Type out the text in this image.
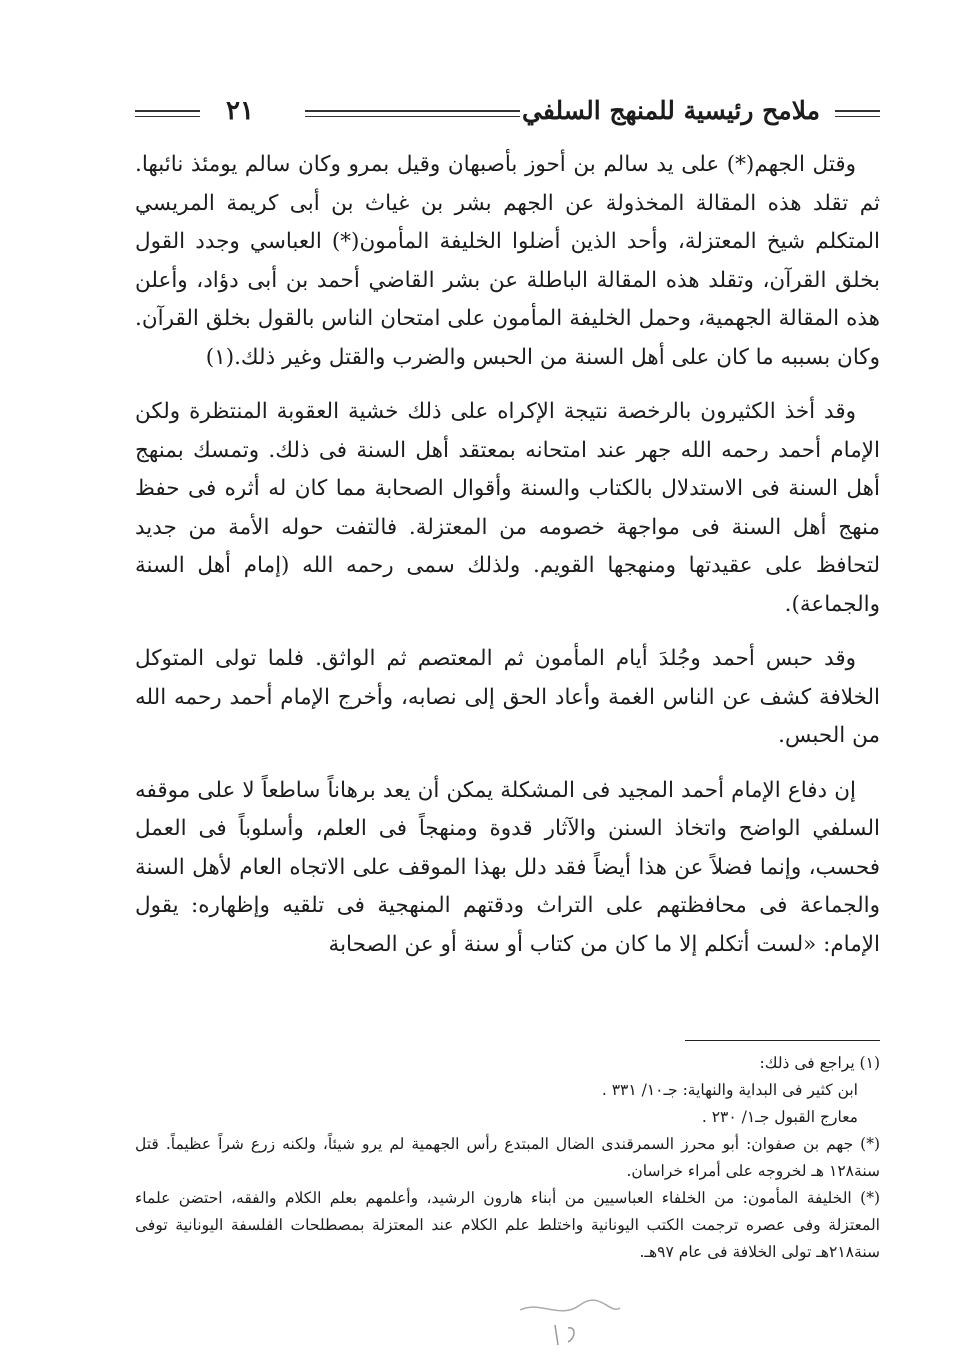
٢١	ملامح رئيسية للمنهج السلفي

وقتل الجهم(*) على يد سالم بن أحوز بأصبهان وقيل بمرو وكان سالم يومئذ نائبها. ثم تقلد هذه المقالة المخذولة عن الجهم بشر بن غياث بن أبى كريمة المريسي المتكلم شيخ المعتزلة، وأحد الذين أضلوا الخليفة المأمون(*) العباسي وجدد القول بخلق القرآن، وتقلد هذه المقالة الباطلة عن بشر القاضي أحمد بن أبى دؤاد، وأعلن هذه المقالة الجهمية، وحمل الخليفة المأمون على امتحان الناس بالقول بخلق القرآن. وكان بسببه ما كان على أهل السنة من الحبس والضرب والقتل وغير ذلك.(١)

وقد أخذ الكثيرون بالرخصة نتيجة الإكراه على ذلك خشية العقوبة المنتظرة ولكن الإمام أحمد رحمه الله جهر عند امتحانه بمعتقد أهل السنة فى ذلك. وتمسك بمنهج أهل السنة فى الاستدلال بالكتاب والسنة وأقوال الصحابة مما كان له أثره فى حفظ منهج أهل السنة فى مواجهة خصومه من المعتزلة. فالتفت حوله الأمة من جديد لتحافظ على عقيدتها ومنهجها القويم. ولذلك سمى رحمه الله (إمام أهل السنة والجماعة).

وقد حبس أحمد وجُلدَ أيام المأمون ثم المعتصم ثم الواثق. فلما تولى المتوكل الخلافة كشف عن الناس الغمة وأعاد الحق إلى نصابه، وأخرج الإمام أحمد رحمه الله من الحبس.

إن دفاع الإمام أحمد المجيد فى المشكلة يمكن أن يعد برهاناً ساطعاً لا على موقفه السلفي الواضح واتخاذ السنن والآثار قدوة ومنهجاً فى العلم، وأسلوباً فى العمل فحسب، وإنما فضلاً عن هذا أيضاً فقد دلل بهذا الموقف على الاتجاه العام لأهل السنة والجماعة فى محافظتهم على التراث ودقتهم المنهجية فى تلقيه وإظهاره: يقول الإمام: «لست أتكلم إلا ما كان من كتاب أو سنة أو عن الصحابة

(١) يراجع فى ذلك:

ابن كثير فى البداية والنهاية: جـ١٠/ ٣٣١ .

معارج القبول جـ١/ ٢٣٠ .

(*) جهم بن صفوان: أبو محرز السمرقندى الضال المبتدع رأس الجهمية لم يرو شيئاً، ولكنه زرع شراً عظيماً. قتل سنة١٢٨ هـ لخروجه على أمراء خراسان.

(*) الخليفة المأمون: من الخلفاء العباسيين من أبناء هارون الرشيد، وأعلمهم بعلم الكلام والفقه، احتضن علماء المعتزلة وفى عصره ترجمت الكتب اليونانية واختلط علم الكلام عند المعتزلة بمصطلحات الفلسفة اليونانية توفى سنة٢١٨هـ تولى الخلافة فى عام ٩٧هـ.
